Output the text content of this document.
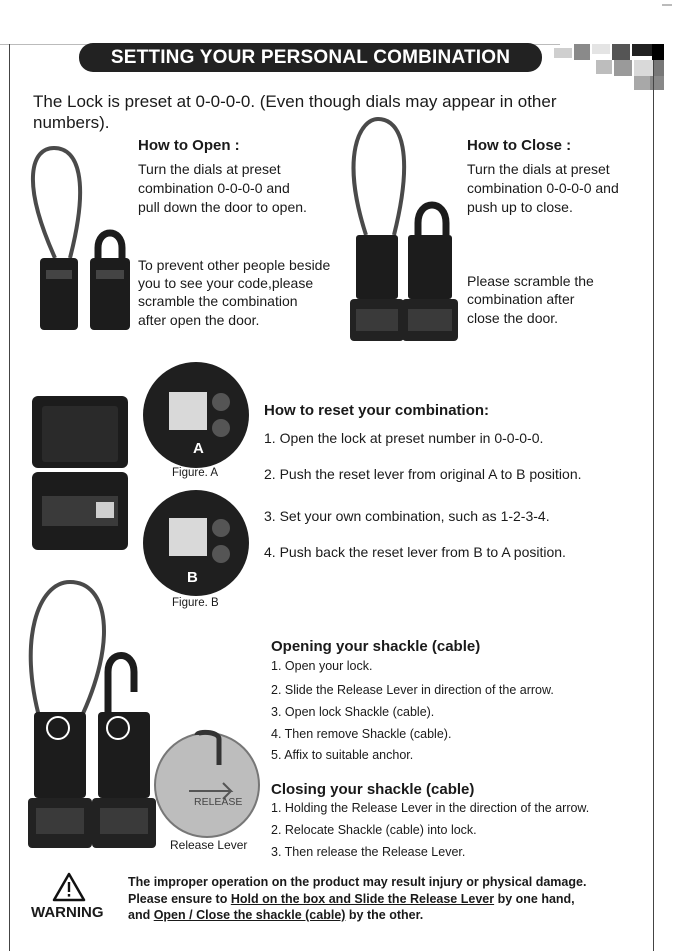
SETTING YOUR PERSONAL COMBINATION
The Lock is preset at 0-0-0-0. (Even though dials may appear in other numbers).
How to Open :
Turn the dials at preset
combination 0-0-0-0 and
pull down the door to open.
To prevent other people beside
you to see your code,please
scramble the combination
after open the door.
How to Close :
Turn the dials at preset
combination 0-0-0-0 and
push up to close.
Please scramble the
combination after
close the door.
A
Figure. A
B
Figure. B
How to reset your combination:
1. Open the lock at preset number in 0-0-0-0.
2. Push the reset lever from original A to B position.
3. Set your own combination, such as 1-2-3-4.
4. Push back the reset lever from B to A position.
RELEASE
Release Lever
Opening your shackle (cable)
1. Open your lock.
2. Slide the Release Lever in direction of the arrow.
3. Open lock Shackle (cable).
4. Then remove Shackle (cable).
5. Affix to suitable anchor.
Closing your shackle (cable)
1. Holding the Release Lever in the direction of the arrow.
2. Relocate Shackle (cable) into lock.
3. Then release the Release Lever.
WARNING
The improper operation on the product may result injury or physical damage.
Please ensure to Hold on the box and Slide the Release Lever by one hand,
and Open / Close the shackle (cable) by the other.
